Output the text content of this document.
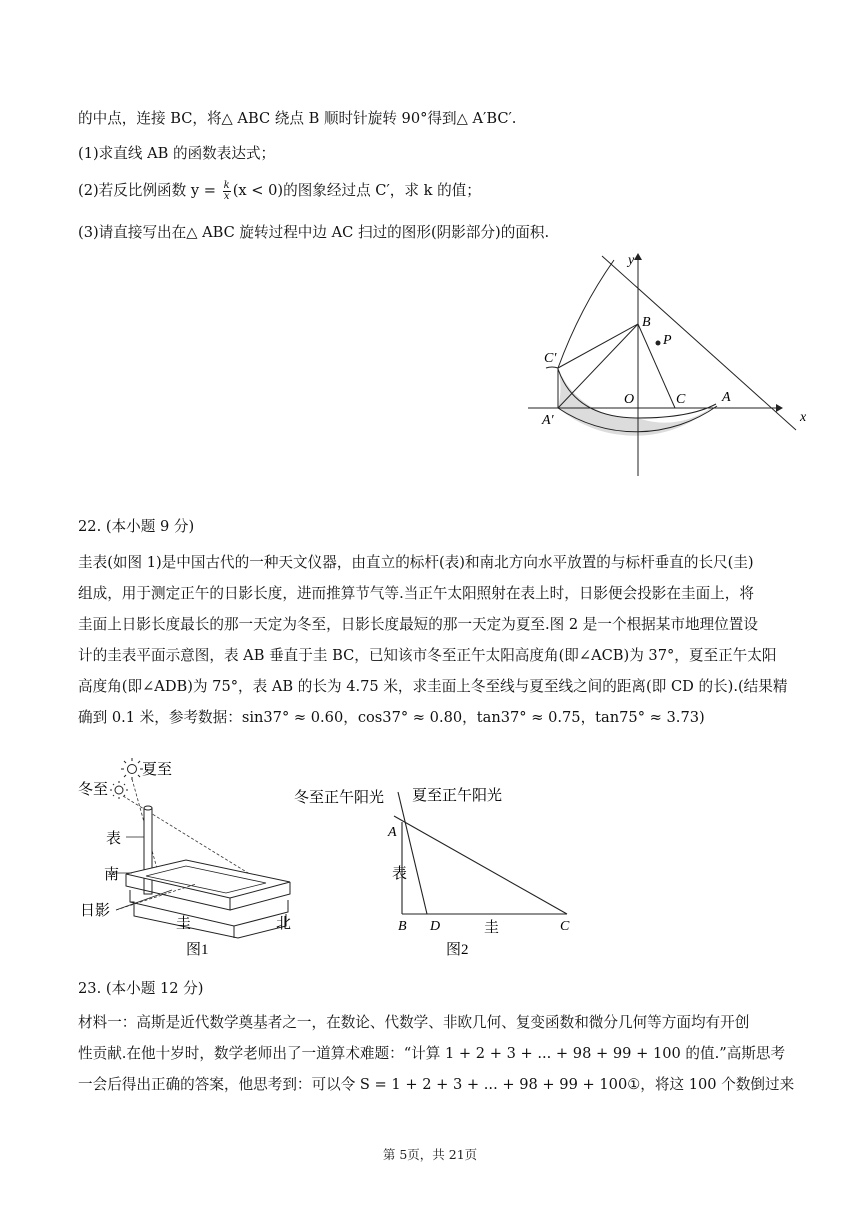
的中点，连接 BC，将△ ABC 绕点 B 顺时针旋转 90°得到△ A′BC′.
(1)求直线 AB 的函数表达式；
(2)若反比例函数 $y = \frac{k}{x} (x < 0)$的图象经过点 C′，求 k 的值；
(3)请直接写出在△ ABC 旋转过程中边 AC 扫过的图形(阴影部分)的面积.
y
x
B
P
C′
O	C	A
A′
22. (本小题 9 分)
圭表(如图 1)是中国古代的一种天文仪器，由直立的标杆(表)和南北方向水平放置的与标杆垂直的长尺(圭)
组成，用于测定正午的日影长度，进而推算节气等.当正午太阳照射在表上时，日影便会投影在圭面上，将
圭面上日影长度最长的那一天定为冬至，日影长度最短的那一天定为夏至.图 2 是一个根据某市地理位置设
计的圭表平面示意图，表 AB 垂直于圭 BC，已知该市冬至正午太阳高度角(即∠ACB)为 37°，夏至正午太阳
高度角(即∠ADB)为 75°，表 AB 的长为 4.75 米，求圭面上冬至线与夏至线之间的距离(即 CD 的长).(结果精
确到 0.1 米，参考数据：sin37° ≈ 0.60，cos37° ≈ 0.80，tan37° ≈ 0.75，tan75° ≈ 3.73)
夏至
冬至
表
南
日影
圭	北
图1
冬至正午阳光 夏至正午阳光
A
表
B D	圭	C
图2
23. (本小题 12 分)
材料一：高斯是近代数学奠基者之一，在数论、代数学、非欧几何、复变函数和微分几何等方面均有开创
性贡献.在他十岁时，数学老师出了一道算术难题：“计算 1 + 2 + 3 + ... + 98 + 99 + 100 的值.”高斯思考
一会后得出正确的答案，他思考到：可以令 S = 1 + 2 + 3 + ... + 98 + 99 + 100①，将这 100 个数倒过来
第 5页，共 21页
